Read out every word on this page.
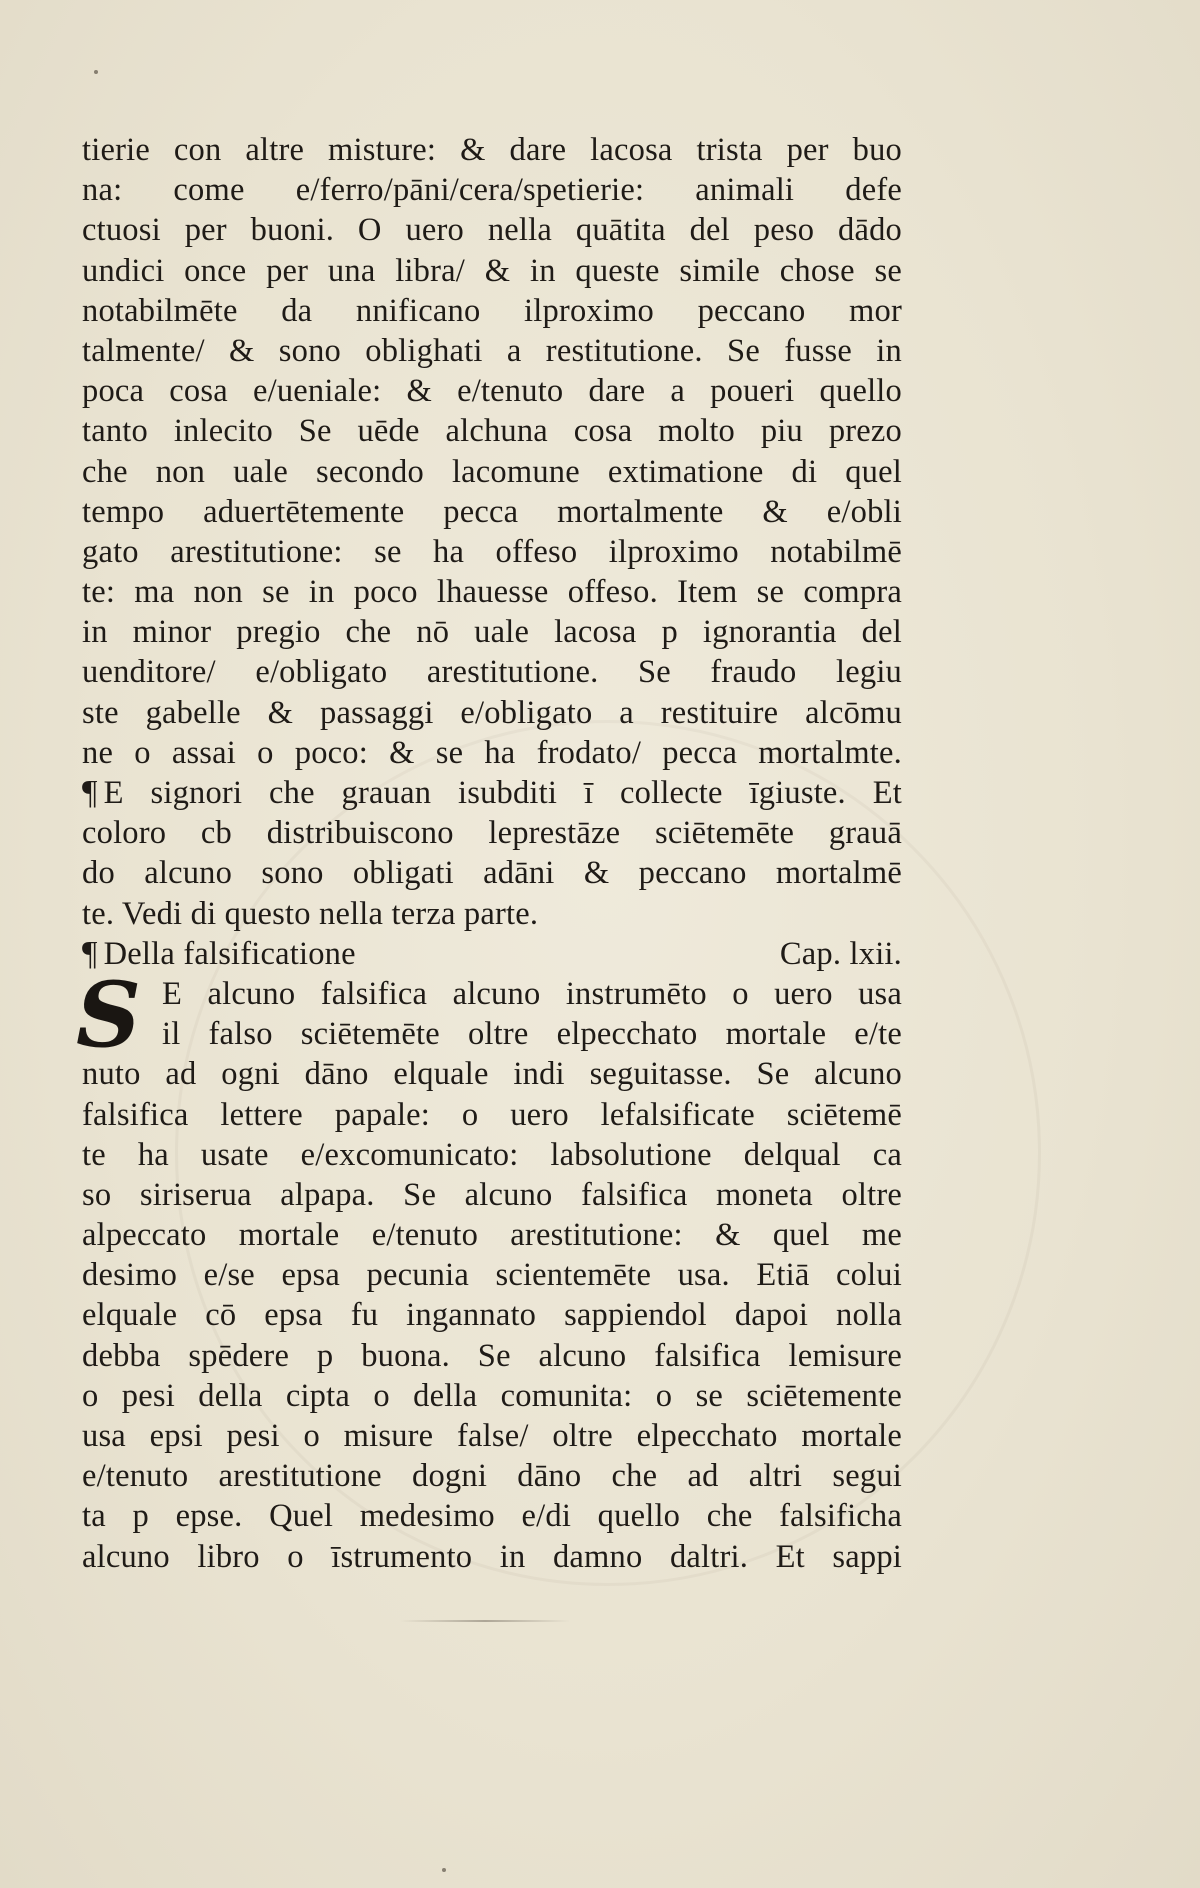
tierie con altre misture: & dare lacosa trista per buo
na: come e/ferro/pāni/cera/spetierie: animali defe
ctuosi per buoni. O uero nella quātita del peso dādo
undici once per una libra/ & in queste simile chose se
notabilmēte da nnificano ilproximo peccano mor
talmente/ & sono oblighati a restitutione. Se fusse in
poca cosa e/ueniale: & e/tenuto dare a poueri quello
tanto inlecito Se uēde alchuna cosa molto piu prezo
che non uale secondo lacomune extimatione di quel
tempo aduertētemente pecca mortalmente & e/obli
gato arestitutione: se ha offeso ilproximo notabilmē
te: ma non se in poco lhauesse offeso. Item se compra
in minor pregio che nō uale lacosa p ignorantia del
uenditore/ e/obligato arestitutione. Se fraudo legiu
ste gabelle & passaggi e/obligato a restituire alcōmu
ne o assai o poco: & se ha frodato/ pecca mortalmte.
¶ E signori che grauan isubditi ī collecte īgiuste. Et
coloro cb distribuiscono leprestāze sciētemēte grauā
do alcuno sono obligati adāni & peccano mortalmē
te. Vedi di questo nella terza parte.
¶ Della falsificatione	Cap. lxii.
E alcuno falsifica alcuno instrumēto o uero usa
il falso sciētemēte oltre elpecchato mortale e/te
nuto ad ogni dāno elquale indi seguitasse. Se alcuno
falsifica lettere papale: o uero lefalsificate sciētemē
te ha usate e/excomunicato: labsolutione delqual ca
so siriserua alpapa. Se alcuno falsifica moneta oltre
alpeccato mortale e/tenuto arestitutione: & quel me
desimo e/se epsa pecunia scientemēte usa. Etiā colui
elquale cō epsa fu ingannato sappiendol dapoi nolla
debba spēdere p buona. Se alcuno falsifica lemisure
o pesi della cipta o della comunita: o se sciētemente
usa epsi pesi o misure false/ oltre elpecchato mortale
e/tenuto arestitutione dogni dāno che ad altri segui
ta p epse. Quel medesimo e/di quello che falsificha
alcuno libro o īstrumento in damno daltri. Et sappi
S
